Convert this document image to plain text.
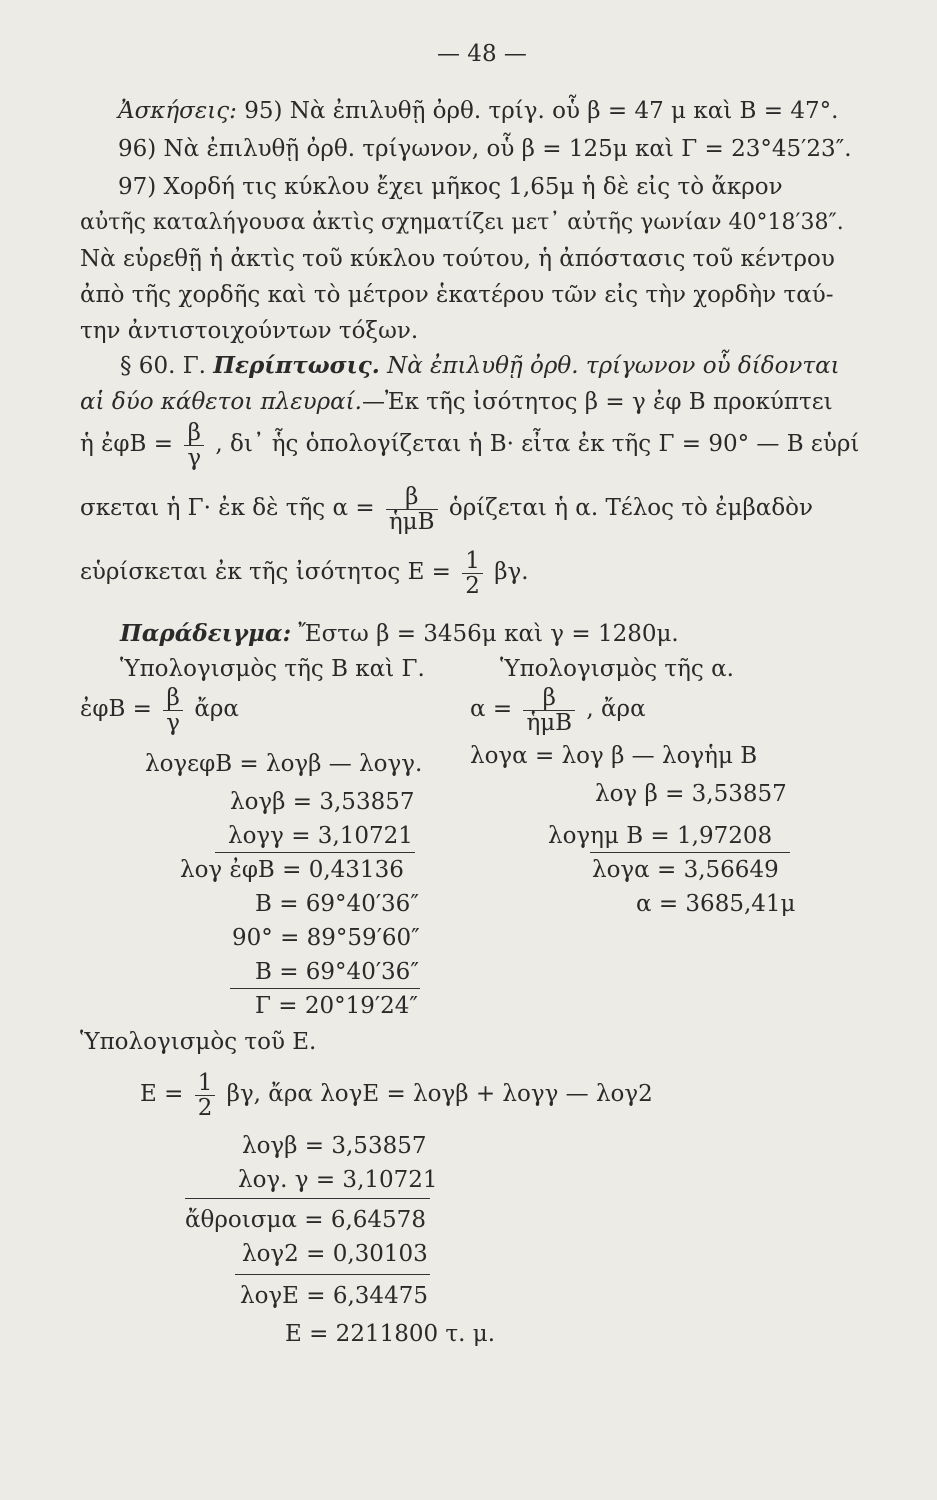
— 48 —
Ἀσκήσεις: 95) Νὰ ἐπιλυθῇ ὀρθ. τρίγ. οὗ β = 47 μ καὶ Β = 47°.
96) Νὰ ἐπιλυθῇ ὀρθ. τρίγωνον, οὗ β = 125μ καὶ Γ = 23°45′23″.
97) Χορδή τις κύκλου ἔχει μῆκος 1,65μ ἡ δὲ εἰς τὸ ἄκρον
αὐτῆς καταλήγουσα ἀκτὶς σχηματίζει μετ᾽ αὐτῆς γωνίαν 40°18′38″.
Νὰ εὑρεθῇ ἡ ἀκτὶς τοῦ κύκλου τούτου, ἡ ἀπόστασις τοῦ κέντρου
ἀπὸ τῆς χορδῆς καὶ τὸ μέτρον ἑκατέρου τῶν εἰς τὴν χορδὴν ταύ-
την ἀντιστοιχούντων τόξων.
§ 60. Γ. Περίπτωσις. Νὰ ἐπιλυθῇ ὀρθ. τρίγωνον οὗ δίδονται
αἱ δύο κάθετοι πλευραί.—Ἐκ τῆς ἰσότητος β = γ ἐφ Β προκύπτει
ἡ ἐφΒ = $\frac{\beta}{\gamma}$ , δι᾽ ἧς ὁπολογίζεται ἡ Β· εἶτα ἐκ τῆς Γ = 90° — Β εὑρί
σκεται ἡ Γ· ἐκ δὲ τῆς $\alpha = \frac{\beta}{\text{ἡμΒ}}$ ὁρίζεται ἡ α. Τέλος τὸ ἐμβαδὸν
εὑρίσκεται ἐκ τῆς ἰσότητος $E = \frac{1}{2} \beta\gamma$.
Παράδειγμα: Ἔστω β = 3456μ καὶ γ = 1280μ.
Ὑπολογισμὸς τῆς Β καὶ Γ.	Ὑπολογισμὸς τῆς α.
ἐφΒ = $\frac{\beta}{\gamma}$ ἄρα
λογεφΒ = λογβ — λογγ.
λογβ = 3,53857
λογγ = 3,10721
λογ ἐφΒ = 0,43136
Β = 69°40′36″
90° = 89°59′60″
Β = 69°40′36″
Γ = 20°19′24″
$\alpha = \frac{\beta}{\text{ἡμΒ}}$ , ἄρα
λογα = λογ β — λογἡμ Β
λογ β = 3,53857
λογημ Β = 1,97208
λογα = 3,56649
α = 3685,41μ
Ὑπολογισμὸς τοῦ Ε.
$E = \frac{1}{2} \beta\gamma$, ἄρα λογΕ = λογβ + λογγ — λογ2
λογβ = 3,53857
λογ. γ = 3,10721
ἄθροισμα = 6,64578
λογ2 = 0,30103
λογΕ = 6,34475
Ε = 2211800 τ. μ.
